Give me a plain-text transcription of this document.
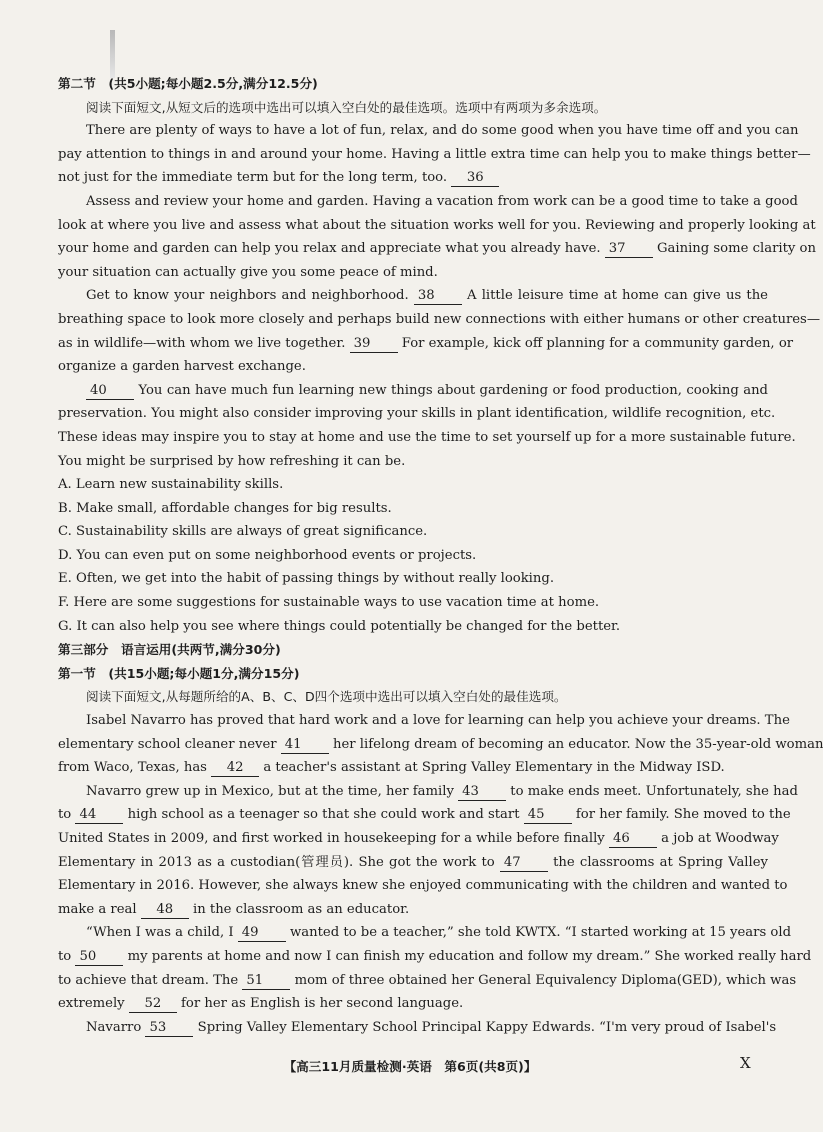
第二节　(共5小题;每小题2.5分,满分12.5分)
阅读下面短文,从短文后的选项中选出可以填入空白处的最佳选项。选项中有两项为多余选项。
There are plenty of ways to have a lot of fun, relax, and do some good when you have time off and you can
pay attention to things in and around your home. Having a little extra time can help you to make things better—
not just for the immediate term but for the long term, too. 36
Assess and review your home and garden. Having a vacation from work can be a good time to take a good
look at where you live and assess what about the situation works well for you. Reviewing and properly looking at
your home and garden can help you relax and appreciate what you already have. 37 Gaining some clarity on
your situation can actually give you some peace of mind.
Get to know your neighbors and neighborhood. 38 A little leisure time at home can give us the
breathing space to look more closely and perhaps build new connections with either humans or other creatures—
as in wildlife—with whom we live together. 39 For example, kick off planning for a community garden, or
organize a garden harvest exchange.
40 You can have much fun learning new things about gardening or food production, cooking and
preservation. You might also consider improving your skills in plant identification, wildlife recognition, etc.
These ideas may inspire you to stay at home and use the time to set yourself up for a more sustainable future.
You might be surprised by how refreshing it can be.
A. Learn new sustainability skills.
B. Make small, affordable changes for big results.
C. Sustainability skills are always of great significance.
D. You can even put on some neighborhood events or projects.
E. Often, we get into the habit of passing things by without really looking.
F. Here are some suggestions for sustainable ways to use vacation time at home.
G. It can also help you see where things could potentially be changed for the better.
第三部分　语言运用(共两节,满分30分)
第一节　(共15小题;每小题1分,满分15分)
阅读下面短文,从每题所给的A、B、C、D四个选项中选出可以填入空白处的最佳选项。
Isabel Navarro has proved that hard work and a love for learning can help you achieve your dreams. The
elementary school cleaner never 41 her lifelong dream of becoming an educator. Now the 35-year-old woman
from Waco, Texas, has 42 a teacher's assistant at Spring Valley Elementary in the Midway ISD.
Navarro grew up in Mexico, but at the time, her family 43 to make ends meet. Unfortunately, she had
to 44 high school as a teenager so that she could work and start 45 for her family. She moved to the
United States in 2009, and first worked in housekeeping for a while before finally 46 a job at Woodway
Elementary in 2013 as a custodian(管理员). She got the work to 47 the classrooms at Spring Valley
Elementary in 2016. However, she always knew she enjoyed communicating with the children and wanted to
make a real 48 in the classroom as an educator.
“When I was a child, I 49 wanted to be a teacher,” she told KWTX. “I started working at 15 years old
to 50 my parents at home and now I can finish my education and follow my dream.” She worked really hard
to achieve that dream. The 51 mom of three obtained her General Equivalency Diploma(GED), which was
extremely 52 for her as English is her second language.
Navarro 53 Spring Valley Elementary School Principal Kappy Edwards. “I'm very proud of Isabel's
【高三11月质量检测·英语　第6页(共8页)】	X
